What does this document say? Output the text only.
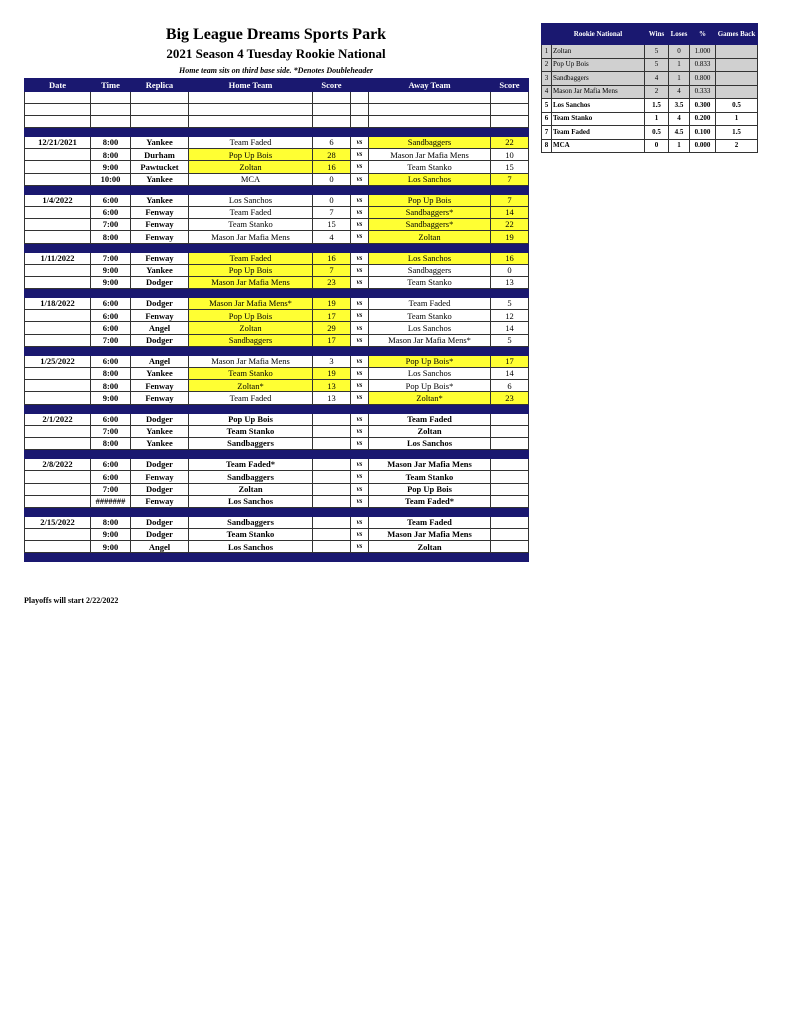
Big League Dreams Sports Park
2021 Season 4 Tuesday Rookie National
Home team sits on third base side. *Denotes Doubleheader
Date	Time	Replica	Home Team	Score		Away Team	Score

12/21/2021	8:00	Yankee	Team Faded	6	vs	Sandbaggers	22
	8:00	Durham	Pop Up Bois	28	vs	Mason Jar Mafia Mens	10
	9:00	Pawtucket	Zoltan	16	vs	Team Stanko	15
	10:00	Yankee	MCA	0	vs	Los Sanchos	7

1/4/2022	6:00	Yankee	Los Sanchos	0	vs	Pop Up Bois	7
	6:00	Fenway	Team Faded	7	vs	Sandbaggers*	14
	7:00	Fenway	Team Stanko	15	vs	Sandbaggers*	22
	8:00	Fenway	Mason Jar Mafia Mens	4	vs	Zoltan	19

1/11/2022	7:00	Fenway	Team Faded	16	vs	Los Sanchos	16
	9:00	Yankee	Pop Up Bois	7	vs	Sandbaggers	0
	9:00	Dodger	Mason Jar Mafia Mens	23	vs	Team Stanko	13

1/18/2022	6:00	Dodger	Mason Jar Mafia Mens*	19	vs	Team Faded	5
	6:00	Fenway	Pop Up Bois	17	vs	Team Stanko	12
	6:00	Angel	Zoltan	29	vs	Los Sanchos	14
	7:00	Dodger	Sandbaggers	17	vs	Mason Jar Mafia Mens*	5

1/25/2022	6:00	Angel	Mason Jar Mafia Mens	3	vs	Pop Up Bois*	17
	8:00	Yankee	Team Stanko	19	vs	Los Sanchos	14
	8:00	Fenway	Zoltan*	13	vs	Pop Up Bois*	6
	9:00	Fenway	Team Faded	13	vs	Zoltan*	23

2/1/2022	6:00	Dodger	Pop Up Bois		vs	Team Faded	
	7:00	Yankee	Team Stanko		vs	Zoltan	
	8:00	Yankee	Sandbaggers		vs	Los Sanchos	

2/8/2022	6:00	Dodger	Team Faded*		vs	Mason Jar Mafia Mens	
	6:00	Fenway	Sandbaggers		vs	Team Stanko	
	7:00	Dodger	Zoltan		vs	Pop Up Bois	
	#######	Fenway	Los Sanchos		vs	Team Faded*	

2/15/2022	8:00	Dodger	Sandbaggers		vs	Team Faded	
	9:00	Dodger	Team Stanko		vs	Mason Jar Mafia Mens	
	9:00	Angel	Los Sanchos		vs	Zoltan	

Playoffs will start 2/22/2022
	Rookie National	Wins	Loses	%	Games Back
1	Zoltan	5	0	1.000	
2	Pop Up Bois	5	1	0.833	
3	Sandbaggers	4	1	0.800	
4	Mason Jar Mafia Mens	2	4	0.333	
5	Los Sanchos	1.5	3.5	0.300	0.5
6	Team Stanko	1	4	0.200	1
7	Team Faded	0.5	4.5	0.100	1.5
8	MCA	0	1	0.000	2
